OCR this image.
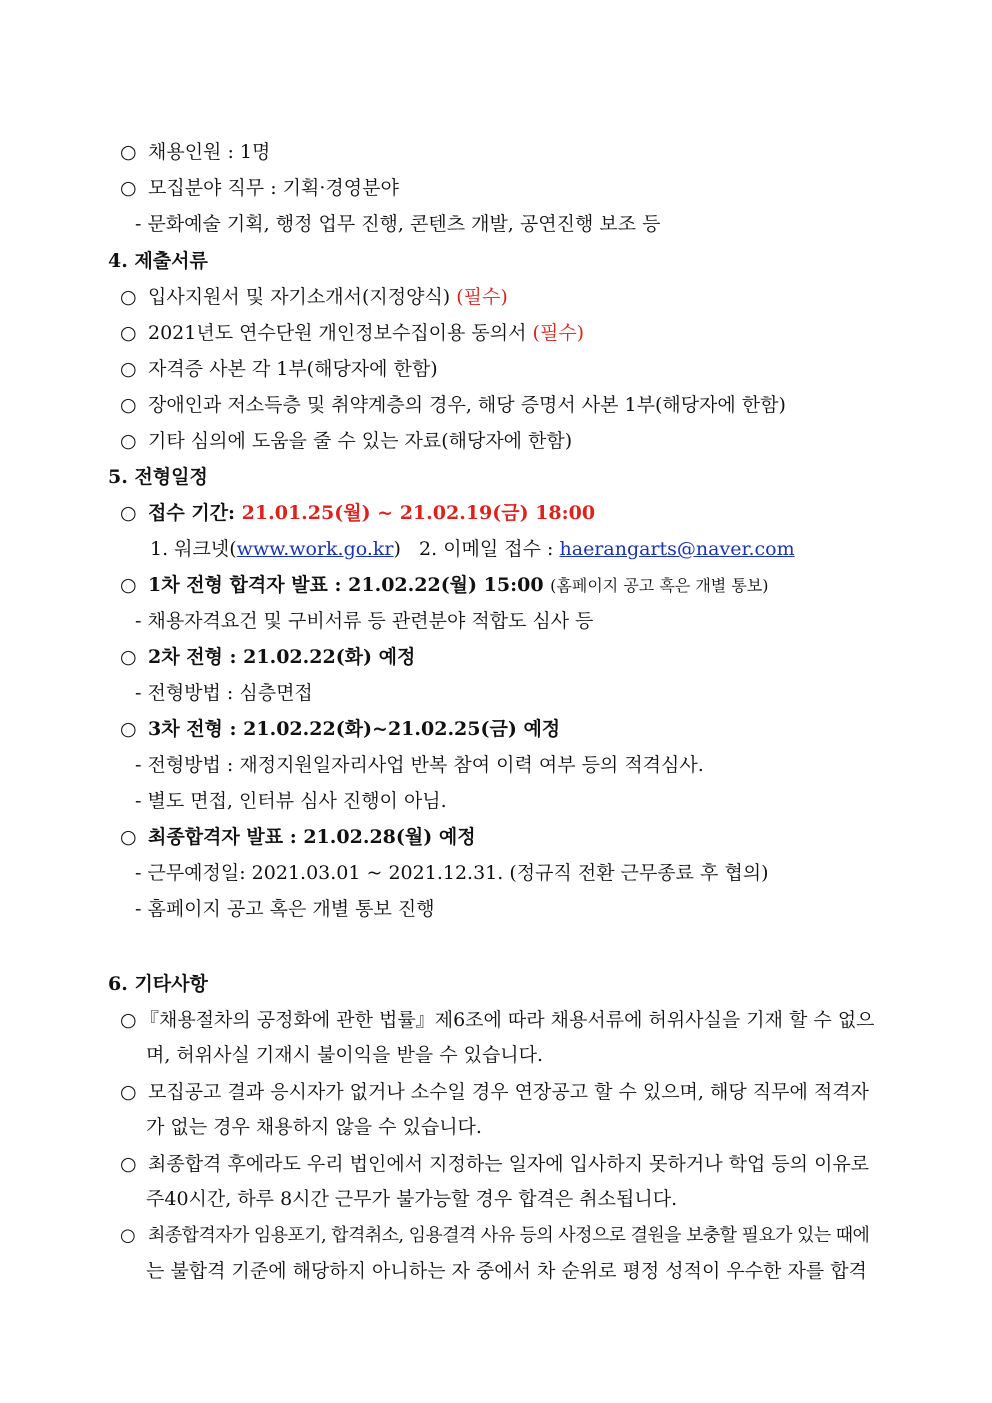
○ 채용인원 : 1명
○ 모집분야 직무 : 기획·경영분야
- 문화예술 기획, 행정 업무 진행, 콘텐츠 개발, 공연진행 보조 등
4. 제출서류
○ 입사지원서 및 자기소개서(지정양식) (필수)
○ 2021년도 연수단원 개인정보수집이용 동의서 (필수)
○ 자격증 사본 각 1부(해당자에 한함)
○ 장애인과 저소득층 및 취약계층의 경우, 해당 증명서 사본 1부(해당자에 한함)
○ 기타 심의에 도움을 줄 수 있는 자료(해당자에 한함)
5. 전형일정
○ 접수 기간: 21.01.25(월) ~ 21.02.19(금) 18:00
1. 워크넷(www.work.go.kr) 2. 이메일 접수 : haerangarts@naver.com
○ 1차 전형 합격자 발표 : 21.02.22(월) 15:00 (홈페이지 공고 혹은 개별 통보)
- 채용자격요건 및 구비서류 등 관련분야 적합도 심사 등
○ 2차 전형 : 21.02.22(화) 예정
- 전형방법 : 심층면접
○ 3차 전형 : 21.02.22(화)~21.02.25(금) 예정
- 전형방법 : 재정지원일자리사업 반복 참여 이력 여부 등의 적격심사.
- 별도 면접, 인터뷰 심사 진행이 아님.
○ 최종합격자 발표 : 21.02.28(월) 예정
- 근무예정일: 2021.03.01 ~ 2021.12.31. (정규직 전환 근무종료 후 협의)
- 홈페이지 공고 혹은 개별 통보 진행
6. 기타사항
○ 『채용절차의 공정화에 관한 법률』제6조에 따라 채용서류에 허위사실을 기재 할 수 없으
며, 허위사실 기재시 불이익을 받을 수 있습니다.
○ 모집공고 결과 응시자가 없거나 소수일 경우 연장공고 할 수 있으며, 해당 직무에 적격자
가 없는 경우 채용하지 않을 수 있습니다.
○ 최종합격 후에라도 우리 법인에서 지정하는 일자에 입사하지 못하거나 학업 등의 이유로
주40시간, 하루 8시간 근무가 불가능할 경우 합격은 취소됩니다.
○ 최종합격자가 임용포기, 합격취소, 임용결격 사유 등의 사정으로 결원을 보충할 필요가 있는 때에
는 불합격 기준에 해당하지 아니하는 자 중에서 차 순위로 평정 성적이 우수한 자를 합격
